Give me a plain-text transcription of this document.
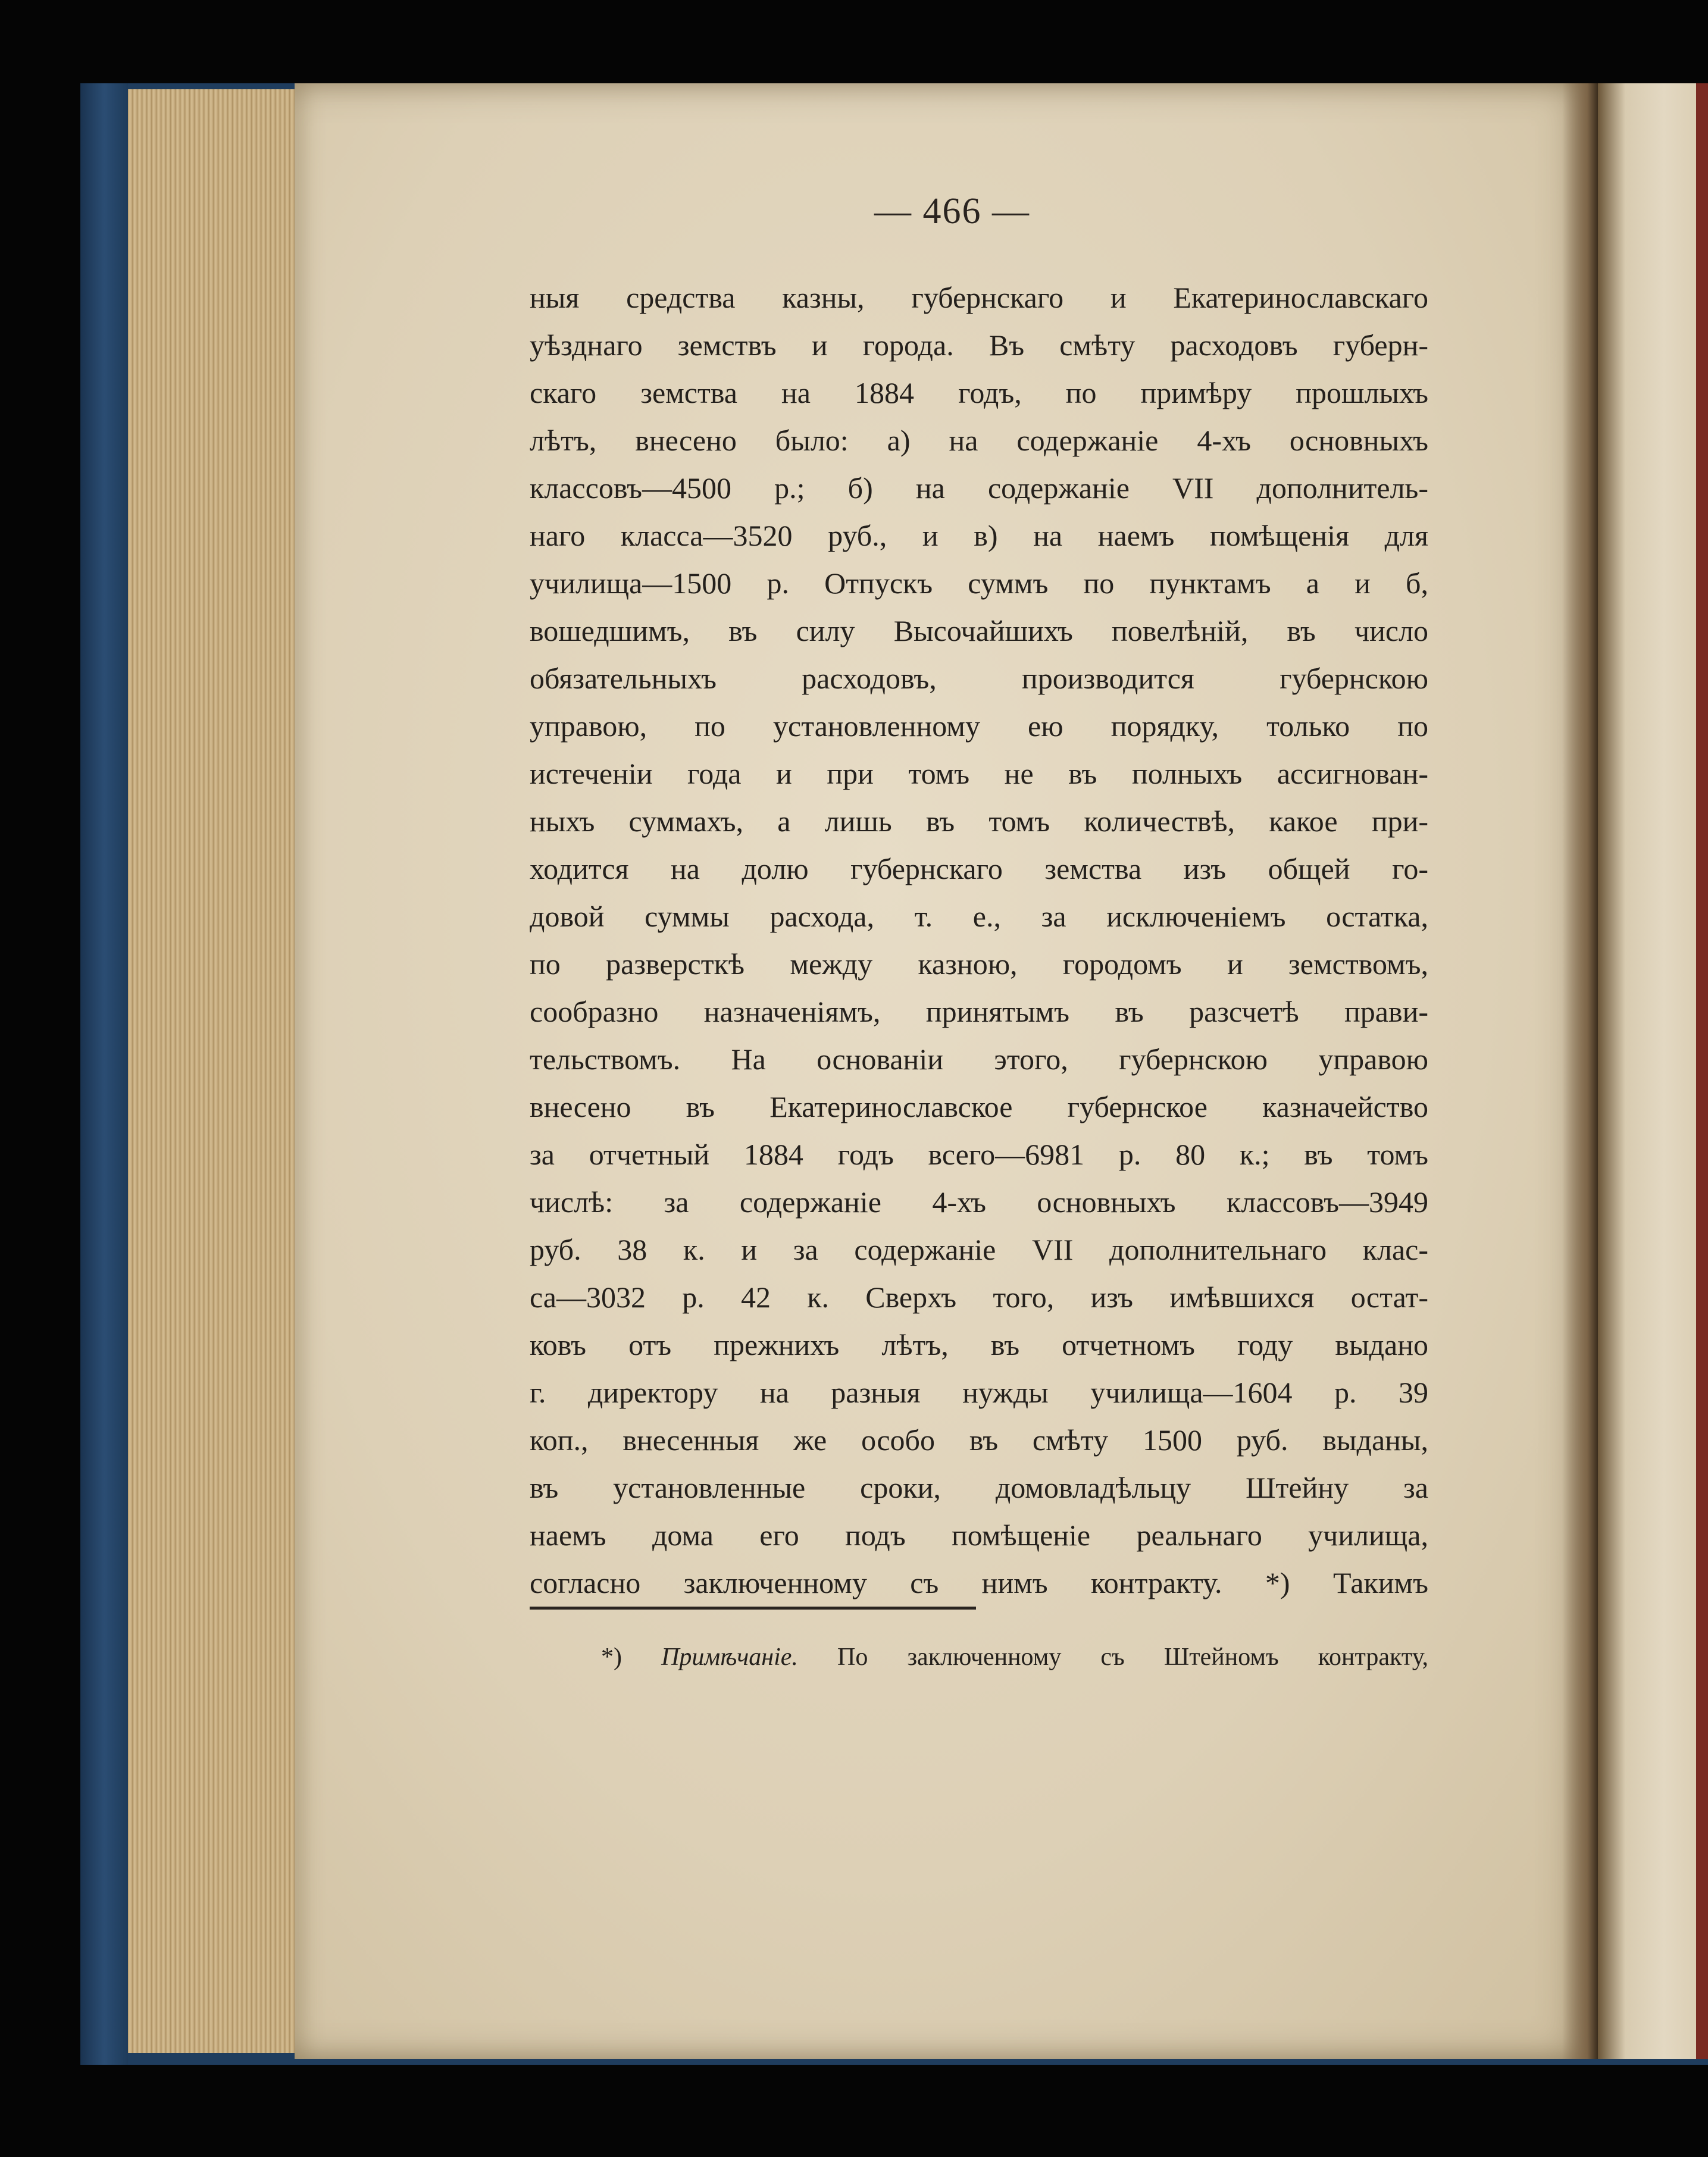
— 466 —
ныя средства казны, губернскаго и Екатеринославскаго
уѣзднаго земствъ и города. Въ смѣту расходовъ губерн-
скаго земства на 1884 годъ, по примѣру прошлыхъ
лѣтъ, внесено было: а) на содержаніе 4-хъ основныхъ
классовъ—4500 р.; б) на содержаніе VII дополнитель-
наго класса—3520 руб., и в) на наемъ помѣщенія для
училища—1500 р. Отпускъ суммъ по пунктамъ а и б,
вошедшимъ, въ силу Высочайшихъ повелѣній, въ число
обязательныхъ расходовъ, производится губернскою
управою, по установленному ею порядку, только по
истеченіи года и при томъ не въ полныхъ ассигнован-
ныхъ суммахъ, а лишь въ томъ количествѣ, какое при-
ходится на долю губернскаго земства изъ общей го-
довой суммы расхода, т. е., за исключеніемъ остатка,
по разверсткѣ между казною, городомъ и земствомъ,
сообразно назначеніямъ, принятымъ въ разсчетѣ прави-
тельствомъ. На основаніи этого, губернскою управою
внесено въ Екатеринославское губернское казначейство
за отчетный 1884 годъ всего—6981 р. 80 к.; въ томъ
числѣ: за содержаніе 4-хъ основныхъ классовъ—3949
руб. 38 к. и за содержаніе VII дополнительнаго клас-
са—3032 р. 42 к. Сверхъ того, изъ имѣвшихся остат-
ковъ отъ прежнихъ лѣтъ, въ отчетномъ году выдано
г. директору на разныя нужды училища—1604 р. 39
коп., внесенныя же особо въ смѣту 1500 руб. выданы,
въ установленные сроки, домовладѣльцу Штейну за
наемъ дома его подъ помѣщеніе реальнаго училища,
согласно заключенному съ нимъ контракту. *) Такимъ
*) Примѣчаніе. По заключенному съ Штейномъ контракту,
